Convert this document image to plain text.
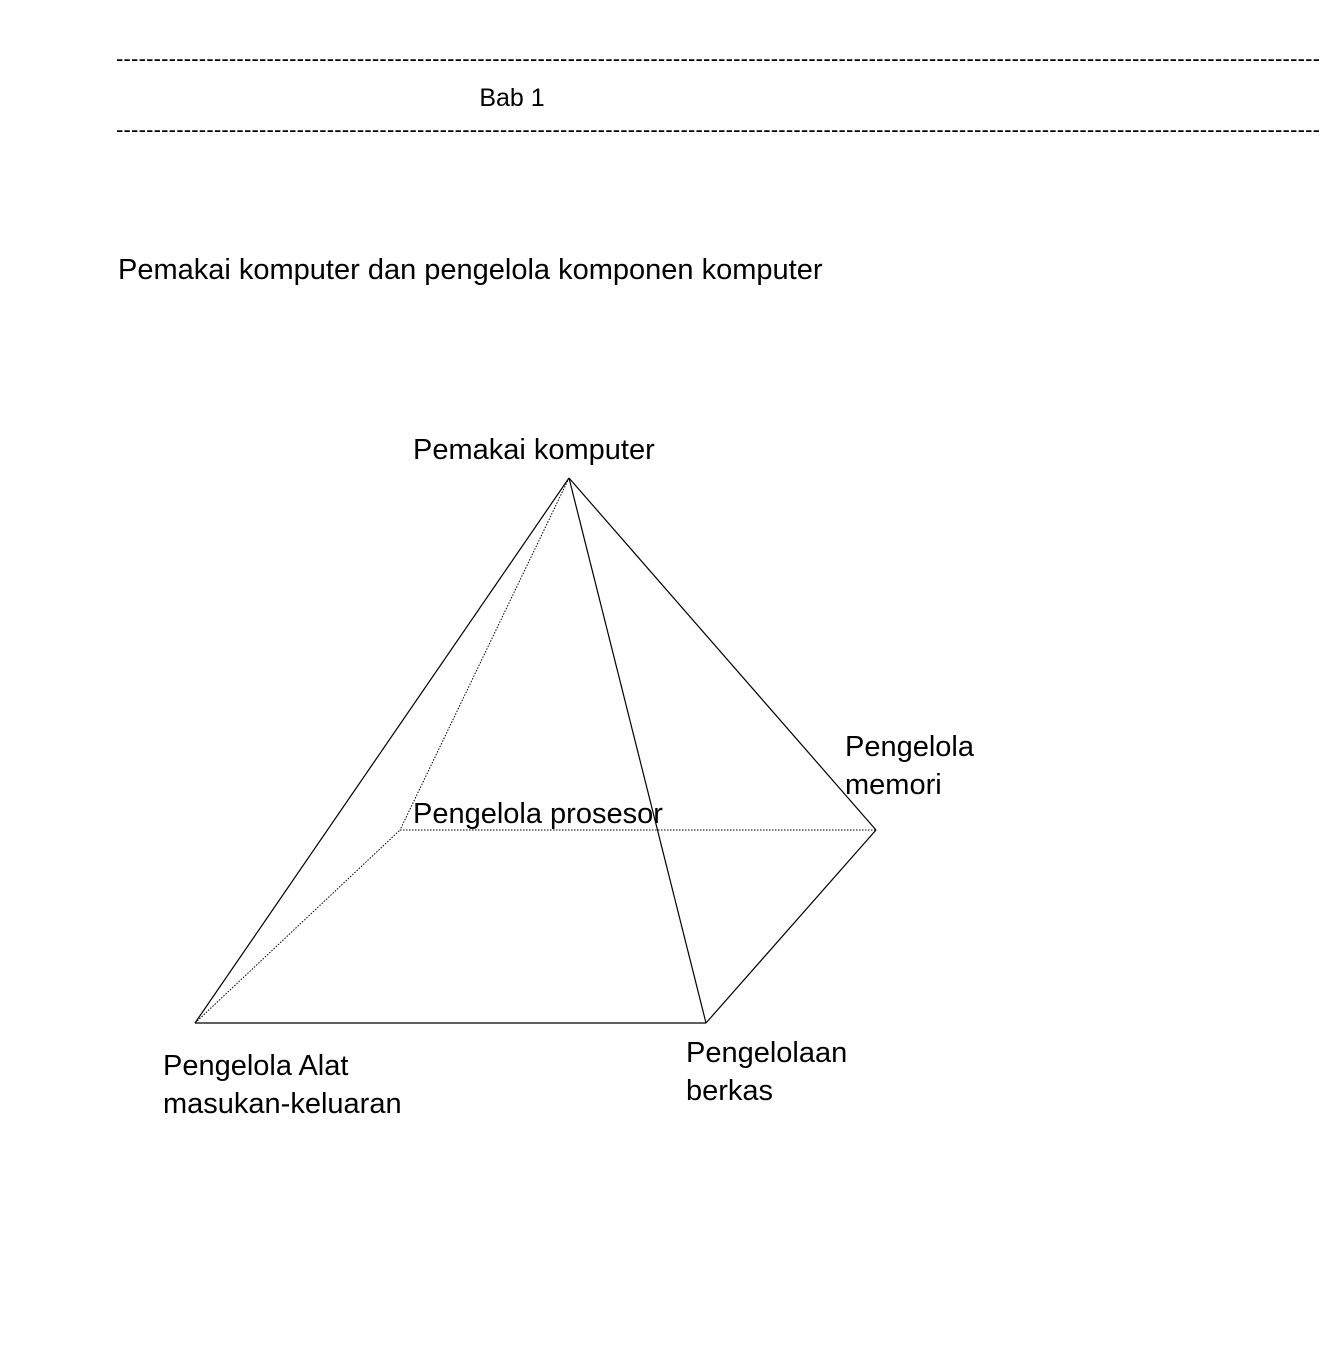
----------------------------------------------------------------------------------------------------------------------------------------------------------------
Bab 1
----------------------------------------------------------------------------------------------------------------------------------------------------------------
Pemakai komputer dan pengelola komponen komputer
Pemakai komputer
Pengelola prosesor
Pengelola
memori
Pengelola Alat
masukan-keluaran
Pengelolaan
berkas
